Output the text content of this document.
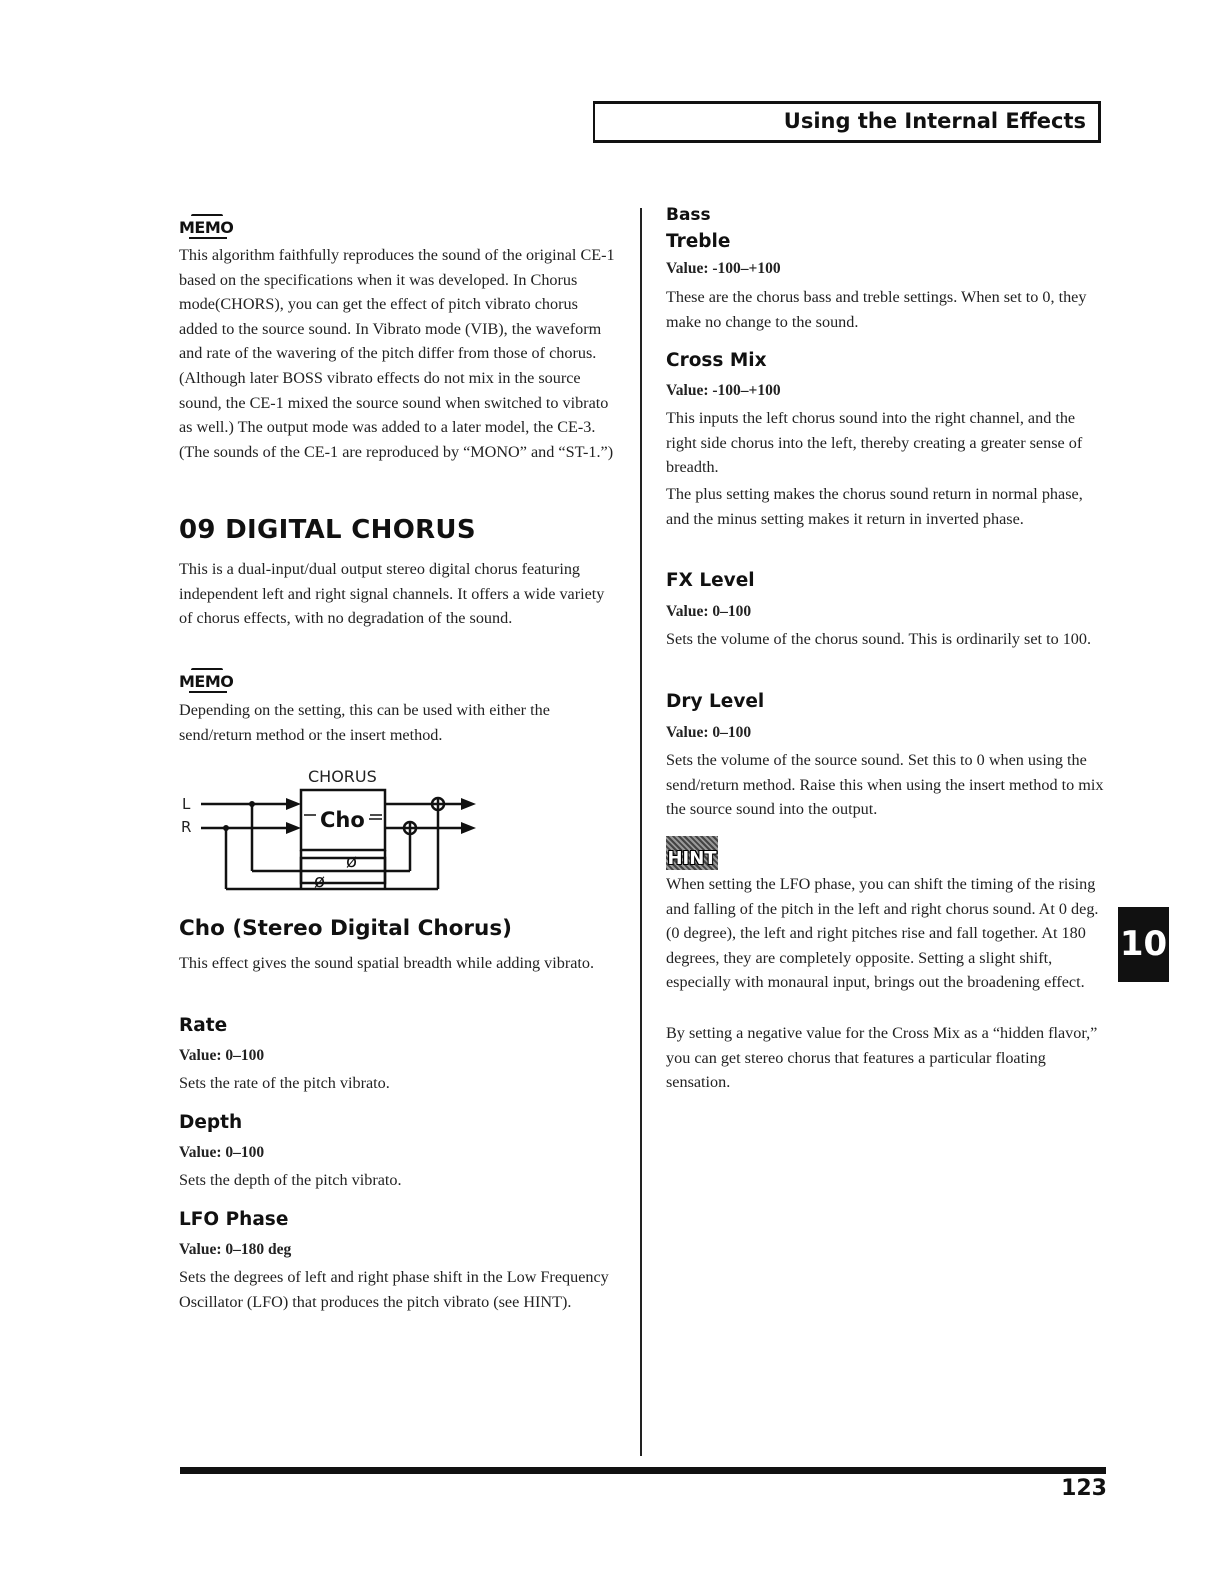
Using the Internal Effects
MEMO

This algorithm faithfully reproduces the sound of the original CE-1 based on the specifications when it was developed. In Chorus mode(CHORS), you can get the effect of pitch vibrato chorus added to the source sound. In Vibrato mode (VIB), the waveform and rate of the wavering of the pitch differ from those of chorus. (Although later BOSS vibrato effects do not mix in the source sound, the CE-1 mixed the source sound when switched to vibrato as well.) The output mode was added to a later model, the CE-3. (The sounds of the CE-1 are reproduced by “MONO” and “ST-1.”)

09 DIGITAL CHORUS

This is a dual-input/dual output stereo digital chorus featuring independent left and right signal channels. It offers a wide variety of chorus effects, with no degradation of the sound.

MEMO

Depending on the setting, this can be used with either the send/return method or the insert method.

CHORUS
L
R	Cho
ø
ø
Cho (Stereo Digital Chorus)

This effect gives the sound spatial breadth while adding vibrato.

Rate

Value: 0–100

Sets the rate of the pitch vibrato.

Depth

Value: 0–100

Sets the depth of the pitch vibrato.

LFO Phase

Value: 0–180 deg

Sets the degrees of left and right phase shift in the Low Frequency Oscillator (LFO) that produces the pitch vibrato (see HINT).

Bass
Treble

Value: -100–+100

These are the chorus bass and treble settings. When set to 0, they make no change to the sound.

Cross Mix

Value: -100–+100

This inputs the left chorus sound into the right channel, and the right side chorus into the left, thereby creating a greater sense of breadth.

The plus setting makes the chorus sound return in normal phase, and the minus setting makes it return in inverted phase.

FX Level

Value: 0–100

Sets the volume of the chorus sound. This is ordinarily set to 100.

Dry Level

Value: 0–100

Sets the volume of the source sound. Set this to 0 when using the send/return method. Raise this when using the insert method to mix the source sound into the output.

HINT

When setting the LFO phase, you can shift the timing of the rising and falling of the pitch in the left and right chorus sound. At 0 deg. (0 degree), the left and right pitches rise and fall together. At 180 degrees, they are completely opposite. Setting a slight shift, especially with monaural input, brings out the broadening effect.

By setting a negative value for the Cross Mix as a “hidden flavor,” you can get stereo chorus that features a particular floating sensation.

10
123
